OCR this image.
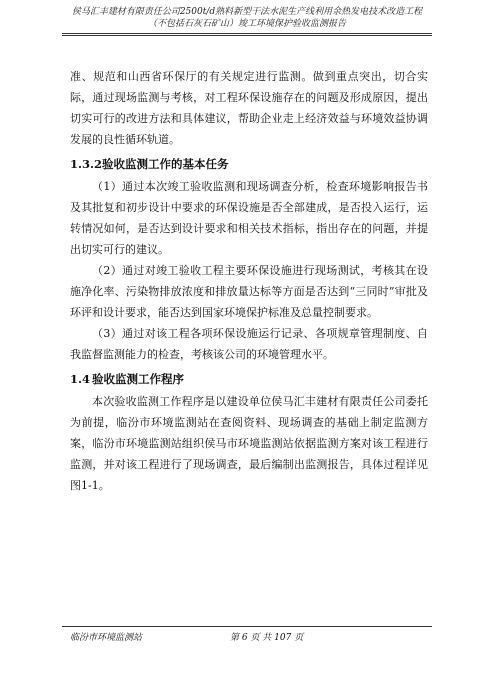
侯马汇丰建材有限责任公司2500t/d熟料新型干法水泥生产线利用余热发电技术改造工程
（不包括石灰石矿山）竣工环境保护验收监测报告

准、规范和山西省环保厅的有关规定进行监测。做到重点突出，切合实际，通过现场监测与考核，对工程环保设施存在的问题及形成原因，提出切实可行的改进方法和具体建议，帮助企业走上经济效益与环境效益协调发展的良性循环轨道。

1.3.2验收监测工作的基本任务

（1）通过本次竣工验收监测和现场调查分析，检查环境影响报告书及其批复和初步设计中要求的环保设施是否全部建成，是否投入运行，运转情况如何，是否达到设计要求和相关技术指标，指出存在的问题，并提出切实可行的建议。

（2）通过对竣工验收工程主要环保设施进行现场测试，考核其在设施净化率、污染物排放浓度和排放量达标等方面是否达到“三同时”审批及环评和设计要求，能否达到国家环境保护标准及总量控制要求。

（3）通过对该工程各项环保设施运行记录、各项规章管理制度、自我监督监测能力的检查，考核该公司的环境管理水平。

1.4 验收监测工作程序

本次验收监测工作程序是以建设单位侯马汇丰建材有限责任公司委托为前提，临汾市环境监测站在查阅资料、现场调查的基础上制定监测方案，临汾市环境监测站组织侯马市环境监测站依据监测方案对该工程进行监测，并对该工程进行了现场调查，最后编制出监测报告，具体过程详见图1-1。

临汾市环境监测站	第 6 页 共 107 页
